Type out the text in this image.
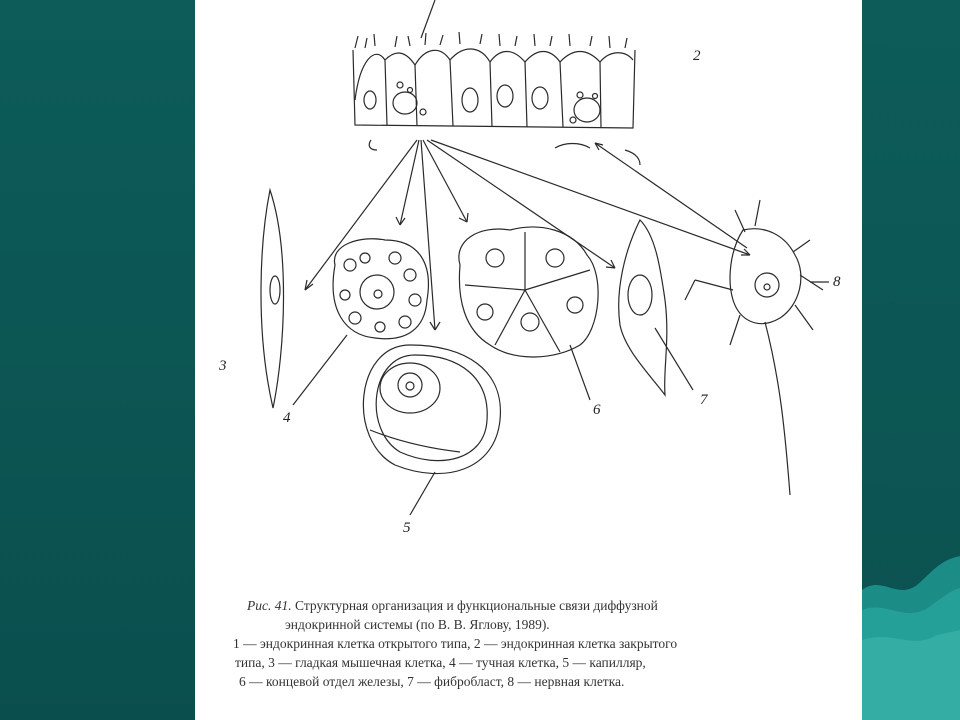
2
3
4
5
6
7
8
Рис. 41. Структурная организация и функциональные связи диффузной
эндокринной системы (по В. В. Яглову, 1989).
1 — эндокринная клетка открытого типа, 2 — эндокринная клетка закрытого
типа, 3 — гладкая мышечная клетка, 4 — тучная клетка, 5 — капилляр,
6 — концевой отдел железы, 7 — фибробласт, 8 — нервная клетка.
